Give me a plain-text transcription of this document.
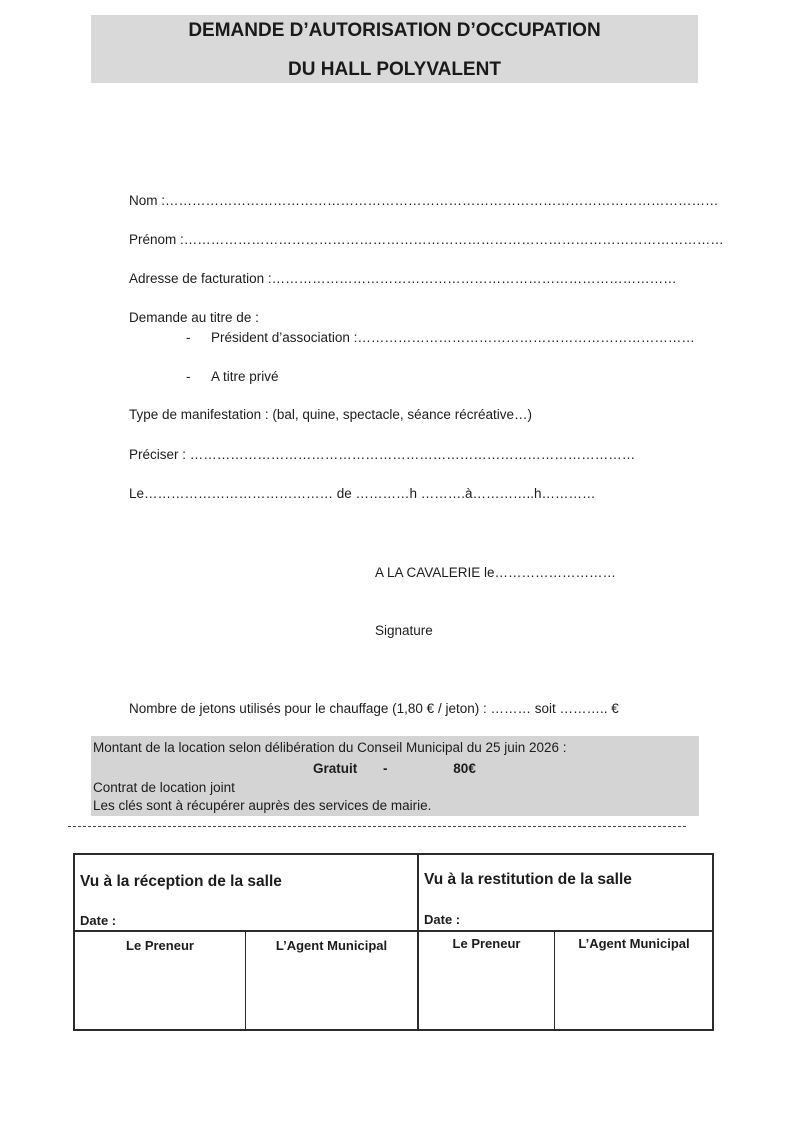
DEMANDE D’AUTORISATION D’OCCUPATION
DU HALL POLYVALENT
Nom :……………………………………………………………………………………………………………
Prénom :…………………………………………………………………………………………………………
Adresse de facturation :………………………………………………………………………………
Demande au titre de :
- Président d’association :…………………………………………………………………
- A titre privé
Type de manifestation : (bal, quine, spectacle, séance récréative…)
Préciser : ………………………………………………………………………………………
Le…………………………………… de …………h ……….à…………..h…………
A LA CAVALERIE le………………………
Signature
Nombre de jetons utilisés pour le chauffage (1,80 € / jeton) : ……… soit ……….. €
Montant de la location selon délibération du Conseil Municipal du 25 juin 2026 :
Gratuit -	80€
Contrat de location joint
Les clés sont à récupérer auprès des services de mairie.
Vu à la réception de la salle
Date :
Vu à la restitution de la salle
Date :
Le Preneur	L’Agent Municipal	Le Preneur	L’Agent Municipal
